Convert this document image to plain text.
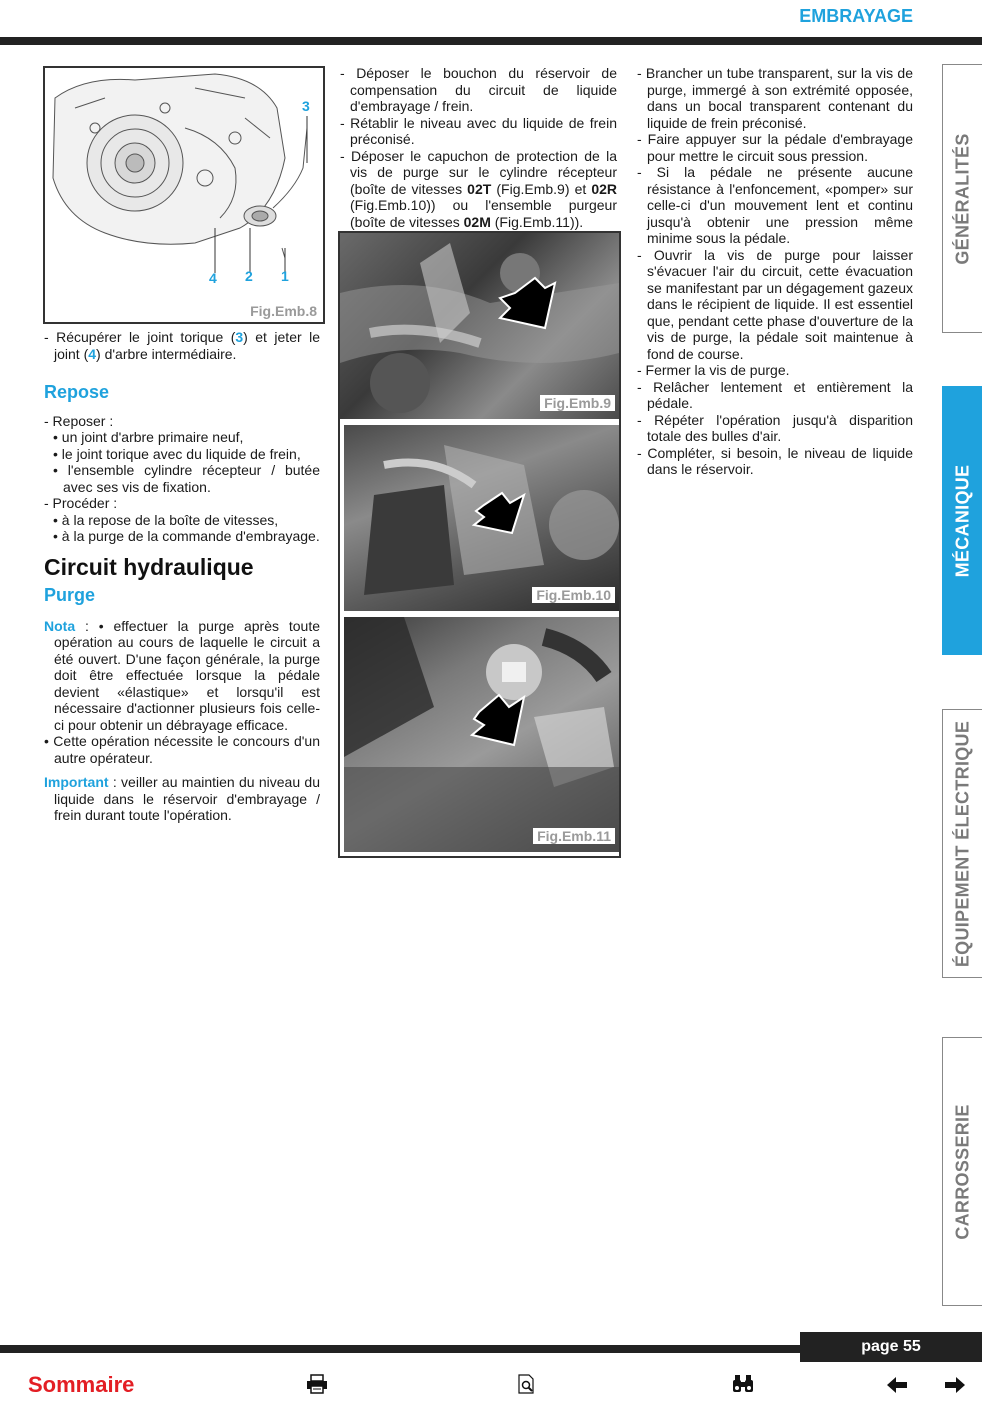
EMBRAYAGE
3
4 2 1
Fig.Emb.8

- Récupérer le joint torique (3) et jeter le joint (4) d'arbre intermédiaire.

Repose

- Reposer :

• un joint d'arbre primaire neuf,

• le joint torique avec du liquide de frein,

• l'ensemble cylindre récepteur / butée avec ses vis de fixation.

- Procéder :

• à la repose de la boîte de vitesses,

• à la purge de la commande d'embrayage.

Circuit hydraulique
Purge

Nota : • effectuer la purge après toute opération au cours de laquelle le circuit a été ouvert. D'une façon générale, la purge doit être effectuée lorsque la pédale devient «élastique» et lorsqu'il est nécessaire d'actionner plusieurs fois celle-ci pour obtenir un débrayage efficace.

• Cette opération nécessite le concours d'un autre opérateur.

Important : veiller au maintien du niveau du liquide dans le réservoir d'embrayage / frein durant toute l'opération.

- Déposer le bouchon du réservoir de compensation du circuit de liquide d'embrayage / frein.

- Rétablir le niveau avec du liquide de frein préconisé.

- Déposer le capuchon de protection de la vis de purge sur le cylindre récepteur (boîte de vitesses 02T (Fig.Emb.9) et 02R (Fig.Emb.10)) ou l'ensemble purgeur (boîte de vitesses 02M (Fig.Emb.11)).

Fig.Emb.9
Fig.Emb.10
Fig.Emb.11

- Brancher un tube transparent, sur la vis de purge, immergé à son extrémité opposée, dans un bocal transparent contenant du liquide de frein préconisé.

- Faire appuyer sur la pédale d'embrayage pour mettre le circuit sous pression.

- Si la pédale ne présente aucune résistance à l'enfoncement, «pomper» sur celle-ci d'un mouvement lent et continu jusqu'à obtenir une pression même minime sous la pédale.

- Ouvrir la vis de purge pour laisser s'évacuer l'air du circuit, cette évacuation se manifestant par un dégagement gazeux dans le récipient de liquide. Il est essentiel que, pendant cette phase d'ouverture de la vis de purge, la pédale soit maintenue à fond de course.

- Fermer la vis de purge.

- Relâcher lentement et entièrement la pédale.

- Répéter l'opération jusqu'à disparition totale des bulles d'air.

- Compléter, si besoin, le niveau de liquide dans le réservoir.

GÉNÉRALITÉS
MÉCANIQUE
ÉQUIPEMENT ÉLECTRIQUE
CARROSSERIE
page 55
Sommaire
